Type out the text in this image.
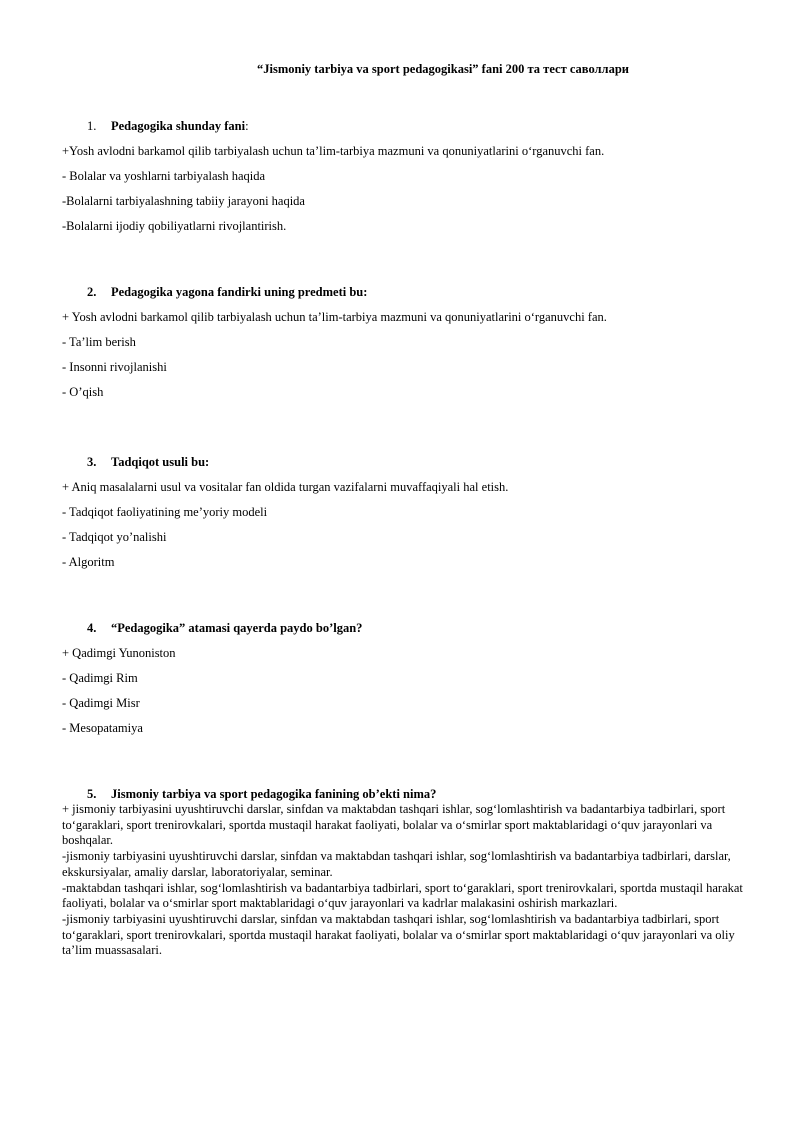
“Jismoniy tarbiya va sport pedagogikasi” fani 200 та тест саволлари
1. Pedagogika shunday fani:
+Yosh avlodni barkamol qilib tarbiyalash uchun ta’lim-tarbiya mazmuni va qonuniyatlarini o‘rganuvchi fan.
- Bolalar va yoshlarni tarbiyalash haqida
-Bolalarni tarbiyalashning tabiiy jarayoni haqida
-Bolalarni ijodiy qobiliyatlarni rivojlantirish.
2. Pedagogika yagona fandirki uning predmeti bu:
+ Yosh avlodni barkamol qilib tarbiyalash uchun ta’lim-tarbiya mazmuni va qonuniyatlarini o‘rganuvchi fan.
- Ta’lim berish
- Insonni rivojlanishi
- O’qish
3. Tadqiqot usuli bu:
+ Aniq masalalarni usul va vositalar fan oldida turgan vazifalarni muvaffaqiyali hal etish.
- Tadqiqot faoliyatining me’yoriy modeli
- Tadqiqot yo’nalishi
- Algoritm
4. “Pedagogika” atamasi qayerda paydo bo’lgan?
+ Qadimgi Yunoniston
- Qadimgi Rim
- Qadimgi Misr
- Mesopatamiya
5. Jismoniy tarbiya va sport pedagogika fanining ob’ekti nima?
+ jismoniy tarbiyasini uyushtiruvchi darslar, sinfdan va maktabdan tashqari ishlar, sog‘lomlashtirish va badantarbiya tadbirlari, sport to‘garaklari, sport trenirovkalari, sportda mustaqil harakat faoliyati, bolalar va o‘smirlar sport maktablaridagi o‘quv jarayonlari va boshqalar.
-jismoniy tarbiyasini uyushtiruvchi darslar, sinfdan va maktabdan tashqari ishlar, sog‘lomlashtirish va badantarbiya tadbirlari, darslar, ekskursiyalar, amaliy darslar, laboratoriyalar, seminar.
-maktabdan tashqari ishlar, sog‘lomlashtirish va badantarbiya tadbirlari, sport to‘garaklari, sport trenirovkalari, sportda mustaqil harakat faoliyati, bolalar va o‘smirlar sport maktablaridagi o‘quv jarayonlari va kadrlar malakasini oshirish markazlari.
-jismoniy tarbiyasini uyushtiruvchi darslar, sinfdan va maktabdan tashqari ishlar, sog‘lomlashtirish va badantarbiya tadbirlari, sport to‘garaklari, sport trenirovkalari, sportda mustaqil harakat faoliyati, bolalar va o‘smirlar sport maktablaridagi o‘quv jarayonlari va oliy ta’lim muassasalari.
